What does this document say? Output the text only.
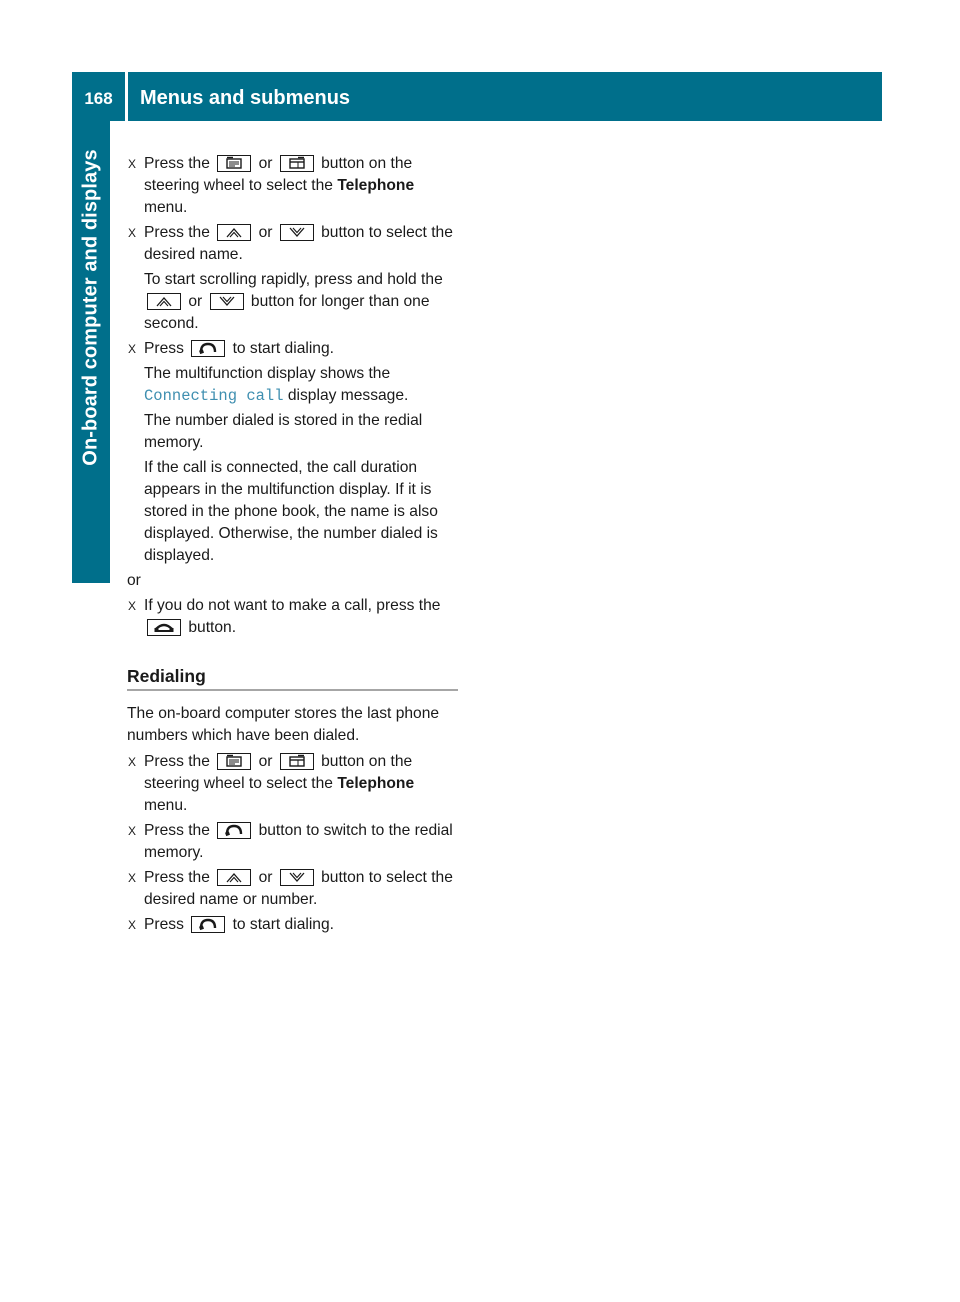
168	Menus and submenus
On-board computer and displays X Press the	or	button on the steering wheel to select the Telephone menu.
X Press the	or	button to select the desired name.
To start scrolling rapidly, press and hold the
or	button for longer than one second.
X Press	to start dialing.
The multifunction display shows the Connecting call display message.
The number dialed is stored in the redial memory.
If the call is connected, the call duration appears in the multifunction display. If it is stored in the phone book, the name is also displayed. Otherwise, the number dialed is displayed.
or
X If you do not want to make a call, press the
button.
Redialing
The on-board computer stores the last phone numbers which have been dialed.
X Press the	or	button on the steering wheel to select the Telephone menu.
X Press the	button to switch to the redial memory.
X Press the	or	button to select the desired name or number.
X Press	to start dialing.
